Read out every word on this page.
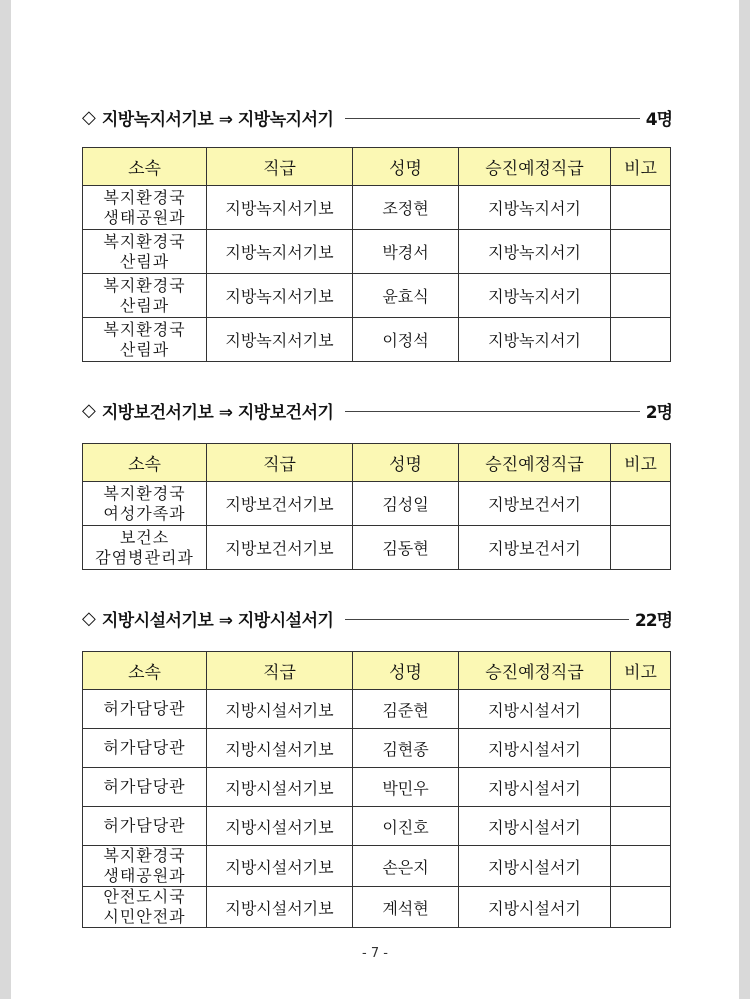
◇ 지방녹지서기보 ⇒ 지방녹지서기	4명
소속	직급	성명	승진예정직급	비고
복지환경국
생태공원과	지방녹지서기보	조정현	지방녹지서기	
복지환경국
산림과	지방녹지서기보	박경서	지방녹지서기	
복지환경국
산림과	지방녹지서기보	윤효식	지방녹지서기	
복지환경국
산림과	지방녹지서기보	이정석	지방녹지서기	
◇ 지방보건서기보 ⇒ 지방보건서기	2명
소속	직급	성명	승진예정직급	비고
복지환경국
여성가족과	지방보건서기보	김성일	지방보건서기	
보건소
감염병관리과	지방보건서기보	김동현	지방보건서기	
◇ 지방시설서기보 ⇒ 지방시설서기	22명
소속	직급	성명	승진예정직급	비고
허가담당관	지방시설서기보	김준현	지방시설서기	
허가담당관	지방시설서기보	김현종	지방시설서기	
허가담당관	지방시설서기보	박민우	지방시설서기	
허가담당관	지방시설서기보	이진호	지방시설서기	
복지환경국
생태공원과	지방시설서기보	손은지	지방시설서기	
안전도시국
시민안전과	지방시설서기보	계석현	지방시설서기	
- 7 -
